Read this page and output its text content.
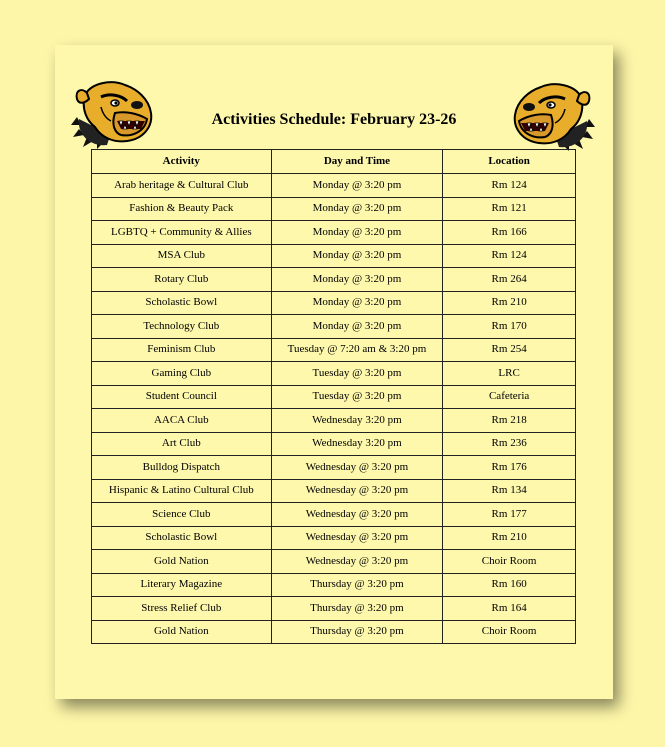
Activities Schedule: February 23-26
Activity	Day and Time	Location
Arab heritage & Cultural Club	Monday @ 3:20 pm	Rm 124
Fashion & Beauty Pack	Monday @ 3:20 pm	Rm 121
LGBTQ + Community & Allies	Monday @ 3:20 pm	Rm 166
MSA Club	Monday @ 3:20 pm	Rm 124
Rotary Club	Monday @ 3:20 pm	Rm 264
Scholastic Bowl	Monday @ 3:20 pm	Rm 210
Technology Club	Monday @ 3:20 pm	Rm 170
Feminism Club	Tuesday @ 7:20 am & 3:20 pm	Rm 254
Gaming Club	Tuesday @ 3:20 pm	LRC
Student Council	Tuesday @ 3:20 pm	Cafeteria
AACA Club	Wednesday 3:20 pm	Rm 218
Art Club	Wednesday 3:20 pm	Rm 236
Bulldog Dispatch	Wednesday @ 3:20 pm	Rm 176
Hispanic & Latino Cultural Club	Wednesday @ 3:20 pm	Rm 134
Science Club	Wednesday @ 3:20 pm	Rm 177
Scholastic Bowl	Wednesday @ 3:20 pm	Rm 210
Gold Nation	Wednesday @ 3:20 pm	Choir Room
Literary Magazine	Thursday @ 3:20 pm	Rm 160
Stress Relief Club	Thursday @ 3:20 pm	Rm 164
Gold Nation	Thursday @ 3:20 pm	Choir Room
